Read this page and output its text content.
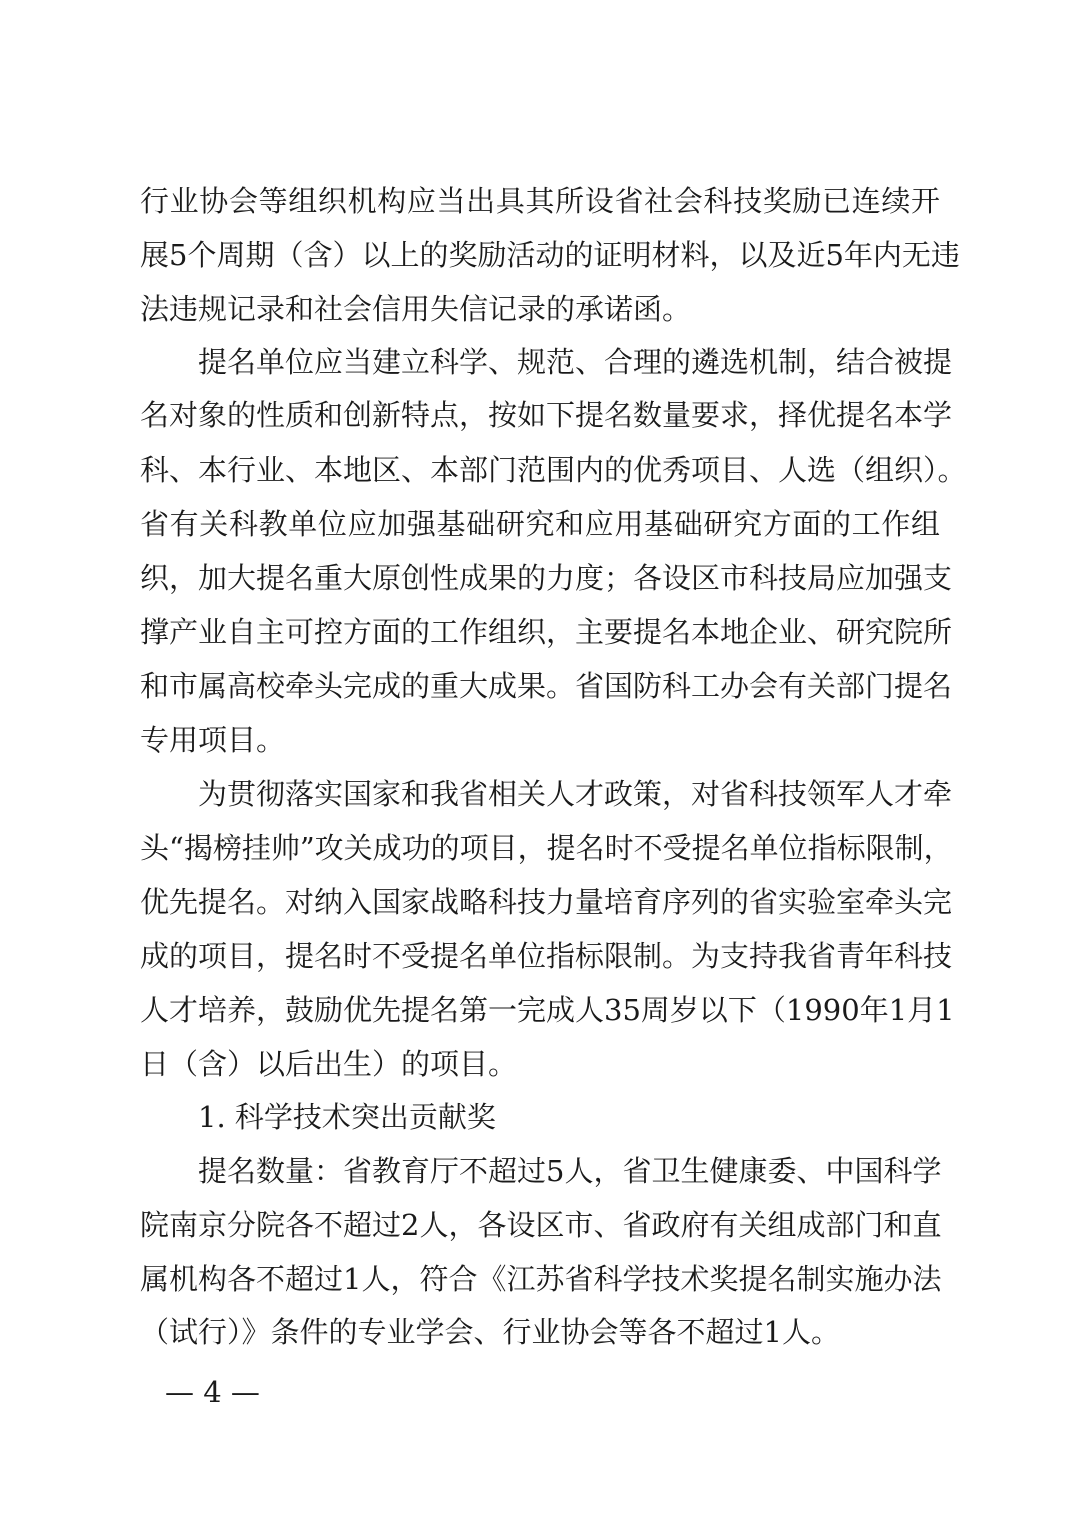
行业协会等组织机构应当出具其所设省社会科技奖励已连续开
展5个周期（含）以上的奖励活动的证明材料，以及近5年内无违
法违规记录和社会信用失信记录的承诺函。
提名单位应当建立科学、规范、合理的遴选机制，结合被提
名对象的性质和创新特点，按如下提名数量要求，择优提名本学
科、本行业、本地区、本部门范围内的优秀项目、人选（组织）。
省有关科教单位应加强基础研究和应用基础研究方面的工作组
织，加大提名重大原创性成果的力度；各设区市科技局应加强支
撑产业自主可控方面的工作组织，主要提名本地企业、研究院所
和市属高校牵头完成的重大成果。省国防科工办会有关部门提名
专用项目。
为贯彻落实国家和我省相关人才政策，对省科技领军人才牵
头“揭榜挂帅”攻关成功的项目，提名时不受提名单位指标限制，
优先提名。对纳入国家战略科技力量培育序列的省实验室牵头完
成的项目，提名时不受提名单位指标限制。为支持我省青年科技
人才培养，鼓励优先提名第一完成人35周岁以下（1990年1月1
日（含）以后出生）的项目。
1. 科学技术突出贡献奖
提名数量：省教育厅不超过5人，省卫生健康委、中国科学
院南京分院各不超过2人，各设区市、省政府有关组成部门和直
属机构各不超过1人，符合《江苏省科学技术奖提名制实施办法
（试行）》条件的专业学会、行业协会等各不超过1人。
— 4 —
